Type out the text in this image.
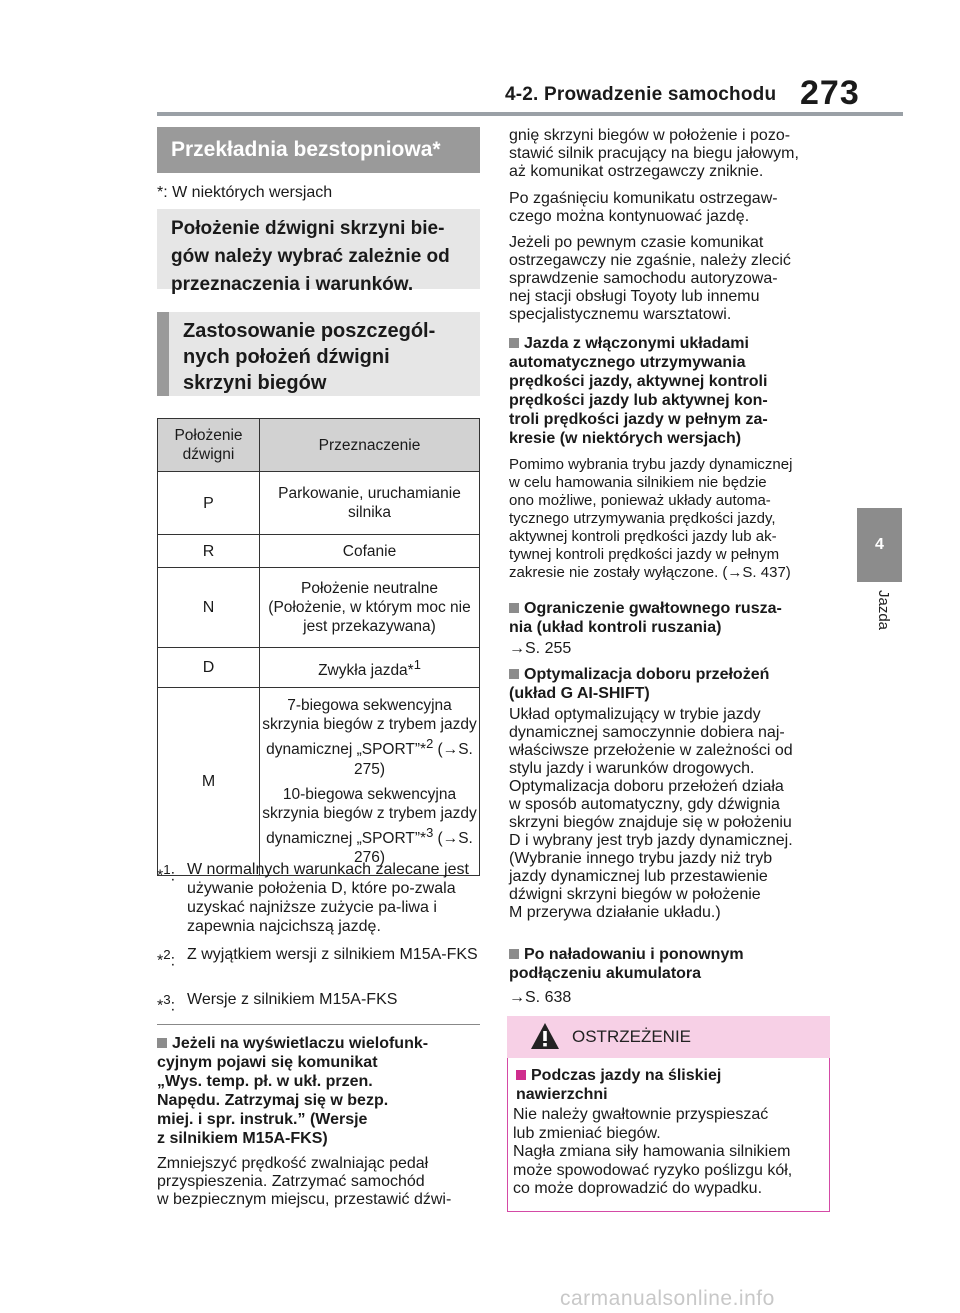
4-2. Prowadzenie samochodu 273
4
Jazda
Przekładnia bezstopniowa*
*: W niektórych wersjach
Położenie dźwigni skrzyni bie-
gów należy wybrać zależnie od
przeznaczenia i warunków.
Zastosowanie poszczegól-
nych położeń dźwigni
skrzyni biegów
Położenie dźwigni	Przeznaczenie
P	Parkowanie, uruchamianie silnika
R	Cofanie
N	Położenie neutralne (Położenie, w którym moc nie jest przekazywana)
D	Zwykła jazda*$^1$
M	7-biegowa sekwencyjna skrzynia biegów z trybem jazdy dynamicznej „SPORT”*$^2$ (→S. 275)
10-biegowa sekwencyjna skrzynia biegów z trybem jazdy dynamicznej „SPORT”*$^3$ (→S. 276)
*$^1$: W normalnych warunkach zalecane jest używanie położenia D, które po-zwala uzyskać najniższe zużycie pa-liwa i zapewnia najcichszą jazdę.
*$^2$: Z wyjątkiem wersji z silnikiem M15A-FKS
*$^3$: Wersje z silnikiem M15A-FKS
Jeżeli na wyświetlaczu wielofunk-
cyjnym pojawi się komunikat
„Wys. temp. pł. w ukł. przen.
Napędu. Zatrzymaj się w bezp.
miej. i spr. instruk.” (Wersje
z silnikiem M15A-FKS)
Zmniejszyć prędkość zwalniając pedał
przyspieszenia. Zatrzymać samochód
w bezpiecznym miejscu, przestawić dźwi-
gnię skrzyni biegów w położenie i pozo-
stawić silnik pracujący na biegu jałowym,
aż komunikat ostrzegawczy zniknie.
Po zgaśnięciu komunikatu ostrzegaw-
czego można kontynuować jazdę.
Jeżeli po pewnym czasie komunikat
ostrzegawczy nie zgaśnie, należy zlecić
sprawdzenie samochodu autoryzowa-
nej stacji obsługi Toyoty lub innemu
specjalistycznemu warsztatowi.
Jazda z włączonymi układami
automatycznego utrzymywania
prędkości jazdy, aktywnej kontroli
prędkości jazdy lub aktywnej kon-
troli prędkości jazdy w pełnym za-
kresie (w niektórych wersjach)
Pomimo wybrania trybu jazdy dynamicznej
w celu hamowania silnikiem nie będzie
ono możliwe, ponieważ układy automa-
tycznego utrzymywania prędkości jazdy,
aktywnej kontroli prędkości jazdy lub ak-
tywnej kontroli prędkości jazdy w pełnym
zakresie nie zostały wyłączone. (→S. 437)
Ograniczenie gwałtownego rusza-
nia (układ kontroli ruszania)
→S. 255
Optymalizacja doboru przełożeń
(układ G AI-SHIFT)
Układ optymalizujący w trybie jazdy
dynamicznej samoczynnie dobiera naj-
właściwsze przełożenie w zależności od
stylu jazdy i warunków drogowych.
Optymalizacja doboru przełożeń działa
w sposób automatyczny, gdy dźwignia
skrzyni biegów znajduje się w położeniu
D i wybrany jest tryb jazdy dynamicznej.
(Wybranie innego trybu jazdy niż tryb
jazdy dynamicznej lub przestawienie
dźwigni skrzyni biegów w położenie
M przerywa działanie układu.)
Po naładowaniu i ponownym
podłączeniu akumulatora
→S. 638
OSTRZEŻENIE
Podczas jazdy na śliskiej
nawierzchni
Nie należy gwałtownie przyspieszać
lub zmieniać biegów.
Nagła zmiana siły hamowania silnikiem
może spowodować ryzyko poślizgu kół,
co może doprowadzić do wypadku.
carmanualsonline.info
